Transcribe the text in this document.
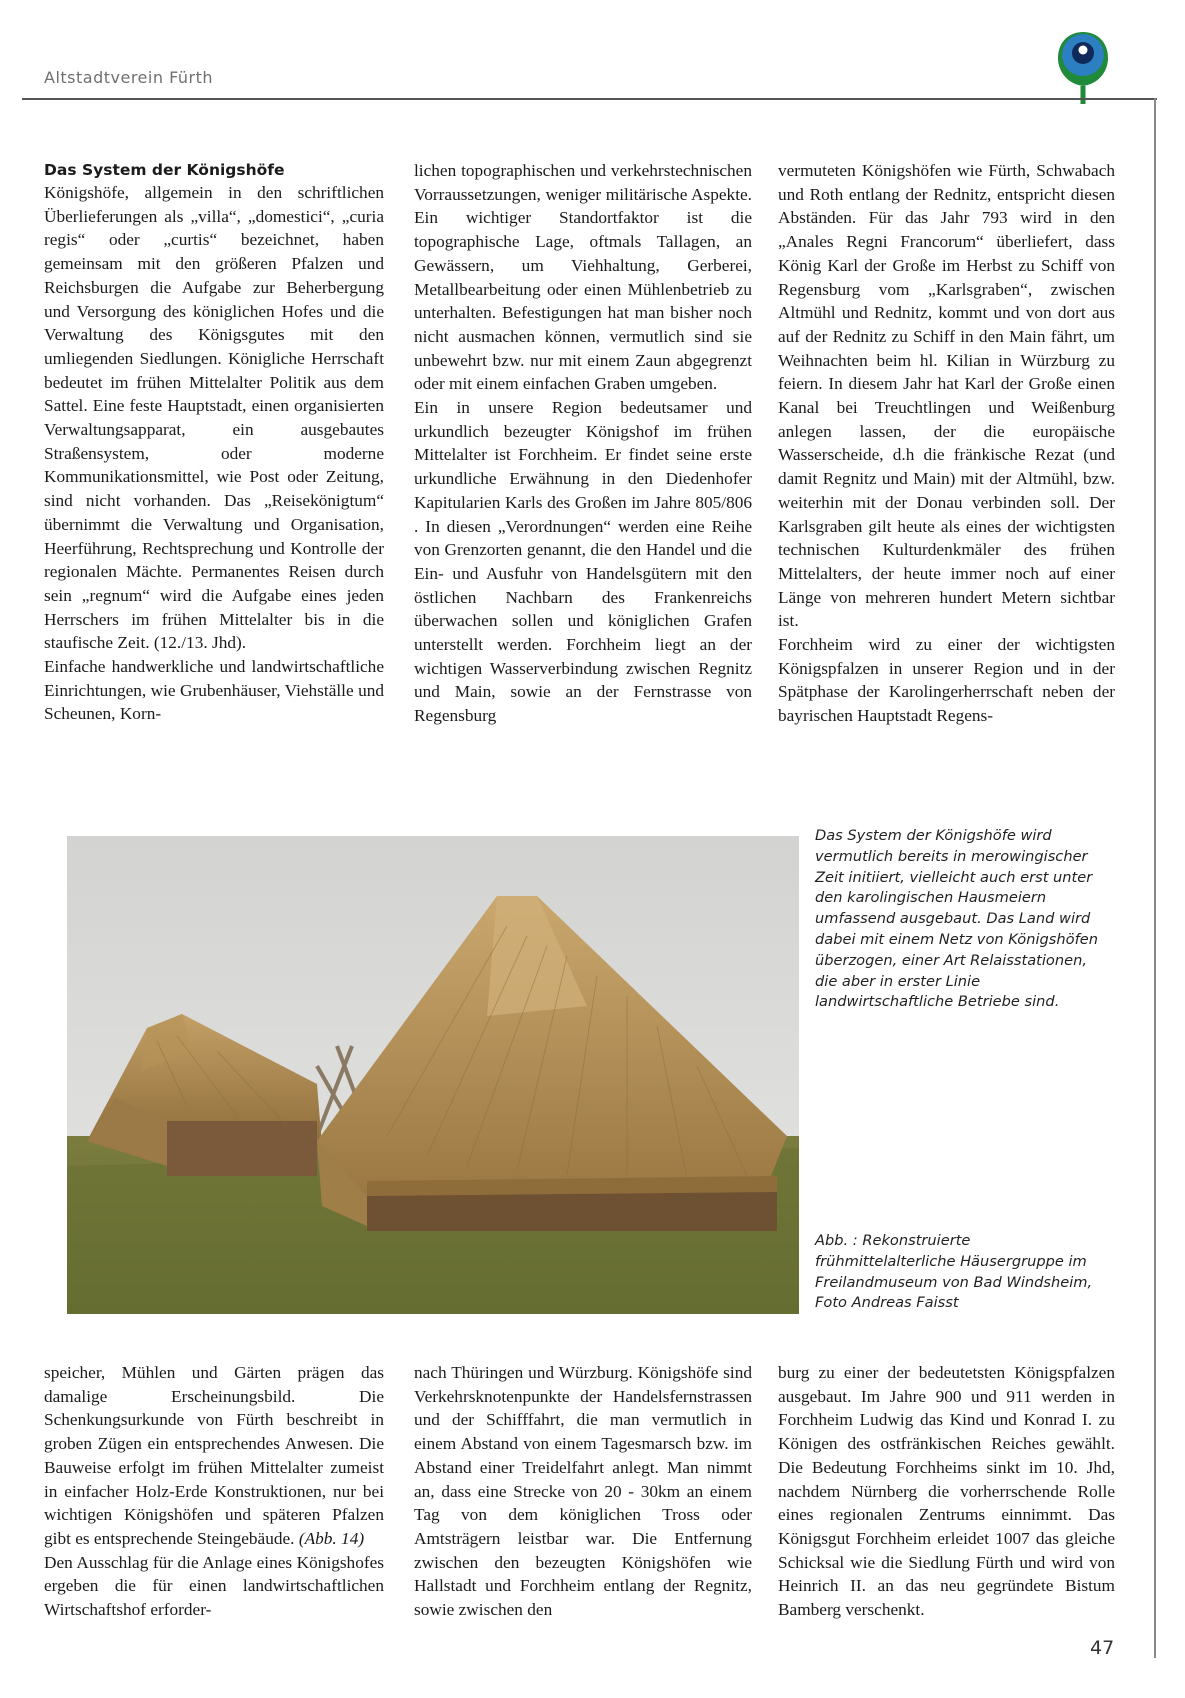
Altstadtverein Fürth
Das System der Königshöfe

Königshöfe, allgemein in den schriftlichen Überlieferungen als „villa“, „domestici“, „curia regis“ oder „curtis“ bezeichnet, haben gemeinsam mit den größeren Pfalzen und Reichsburgen die Aufgabe zur Beherbergung und Versorgung des königlichen Hofes und die Verwaltung des Königsgutes mit den umliegenden Siedlungen. Königliche Herrschaft bedeutet im frühen Mittelalter Politik aus dem Sattel. Eine feste Hauptstadt, einen organisierten Verwaltungsapparat, ein ausgebautes Straßensystem, oder moderne Kommunikationsmittel, wie Post oder Zeitung, sind nicht vorhanden. Das „Reisekönigtum“ übernimmt die Verwaltung und Organisation, Heerführung, Rechtsprechung und Kontrolle der regionalen Mächte. Permanentes Reisen durch sein „regnum“ wird die Aufgabe eines jeden Herrschers im frühen Mittelalter bis in die staufische Zeit. (12./13. Jhd).

Einfache handwerkliche und landwirtschaftliche Einrichtungen, wie Grubenhäuser, Viehställe und Scheunen, Korn-

lichen topographischen und verkehrstechnischen Vorraussetzungen, weniger militärische Aspekte. Ein wichtiger Standortfaktor ist die topographische Lage, oftmals Tallagen, an Gewässern, um Viehhaltung, Gerberei, Metallbearbeitung oder einen Mühlenbetrieb zu unterhalten. Befestigungen hat man bisher noch nicht ausmachen können, vermutlich sind sie unbewehrt bzw. nur mit einem Zaun abgegrenzt oder mit einem einfachen Graben umgeben.

Ein in unsere Region bedeutsamer und urkundlich bezeugter Königshof im frühen Mittelalter ist Forchheim. Er findet seine erste urkundliche Erwähnung in den Diedenhofer Kapitularien Karls des Großen im Jahre 805/806 . In diesen „Verordnungen“ werden eine Reihe von Grenzorten genannt, die den Handel und die Ein- und Ausfuhr von Handelsgütern mit den östlichen Nachbarn des Frankenreichs überwachen sollen und königlichen Grafen unterstellt werden. Forchheim liegt an der wichtigen Wasserverbindung zwischen Regnitz und Main, sowie an der Fernstrasse von Regensburg

vermuteten Königshöfen wie Fürth, Schwabach und Roth entlang der Rednitz, entspricht diesen Abständen. Für das Jahr 793 wird in den „Anales Regni Francorum“ überliefert, dass König Karl der Große im Herbst zu Schiff von Regensburg vom „Karlsgraben“, zwischen Altmühl und Rednitz, kommt und von dort aus auf der Rednitz zu Schiff in den Main fährt, um Weihnachten beim hl. Kilian in Würzburg zu feiern. In diesem Jahr hat Karl der Große einen Kanal bei Treuchtlingen und Weißenburg anlegen lassen, der die europäische Wasserscheide, d.h die fränkische Rezat (und damit Regnitz und Main) mit der Altmühl, bzw. weiterhin mit der Donau verbinden soll. Der Karlsgraben gilt heute als eines der wichtigsten technischen Kulturdenkmäler des frühen Mittelalters, der heute immer noch auf einer Länge von mehreren hundert Metern sichtbar ist.

Forchheim wird zu einer der wichtigsten Königspfalzen in unserer Region und in der Spätphase der Karolingerherrschaft neben der bayrischen Hauptstadt Regens-

Das System der Königshöfe wird vermutlich bereits in merowingischer Zeit initiiert, vielleicht auch erst unter den karolingischen Hausmeiern umfassend ausgebaut. Das Land wird dabei mit einem Netz von Königshöfen überzogen, einer Art Relaisstationen, die aber in erster Linie landwirtschaftliche Betriebe sind.

Abb. : Rekonstruierte frühmittelalterliche Häusergruppe im Freilandmuseum von Bad Windsheim, Foto Andreas Faisst

speicher, Mühlen und Gärten prägen das damalige Erscheinungsbild. Die Schenkungsurkunde von Fürth beschreibt in groben Zügen ein entsprechendes Anwesen. Die Bauweise erfolgt im frühen Mittelalter zumeist in einfacher Holz-Erde Konstruktionen, nur bei wichtigen Königshöfen und späteren Pfalzen gibt es entsprechende Steingebäude. (Abb. 14)

Den Ausschlag für die Anlage eines Königshofes ergeben die für einen landwirtschaftlichen Wirtschaftshof erforder-

nach Thüringen und Würzburg. Königshöfe sind Verkehrsknotenpunkte der Handelsfernstrassen und der Schifffahrt, die man vermutlich in einem Abstand von einem Tagesmarsch bzw. im Abstand einer Treidelfahrt anlegt. Man nimmt an, dass eine Strecke von 20 - 30km an einem Tag von dem königlichen Tross oder Amtsträgern leistbar war. Die Entfernung zwischen den bezeugten Königshöfen wie Hallstadt und Forchheim entlang der Regnitz, sowie zwischen den

burg zu einer der bedeutetsten Königspfalzen ausgebaut. Im Jahre 900 und 911 werden in Forchheim Ludwig das Kind und Konrad I. zu Königen des ostfränkischen Reiches gewählt. Die Bedeutung Forchheims sinkt im 10. Jhd, nachdem Nürnberg die vorherrschende Rolle eines regionalen Zentrums einnimmt. Das Königsgut Forchheim erleidet 1007 das gleiche Schicksal wie die Siedlung Fürth und wird von Heinrich II. an das neu gegründete Bistum Bamberg verschenkt.

47
